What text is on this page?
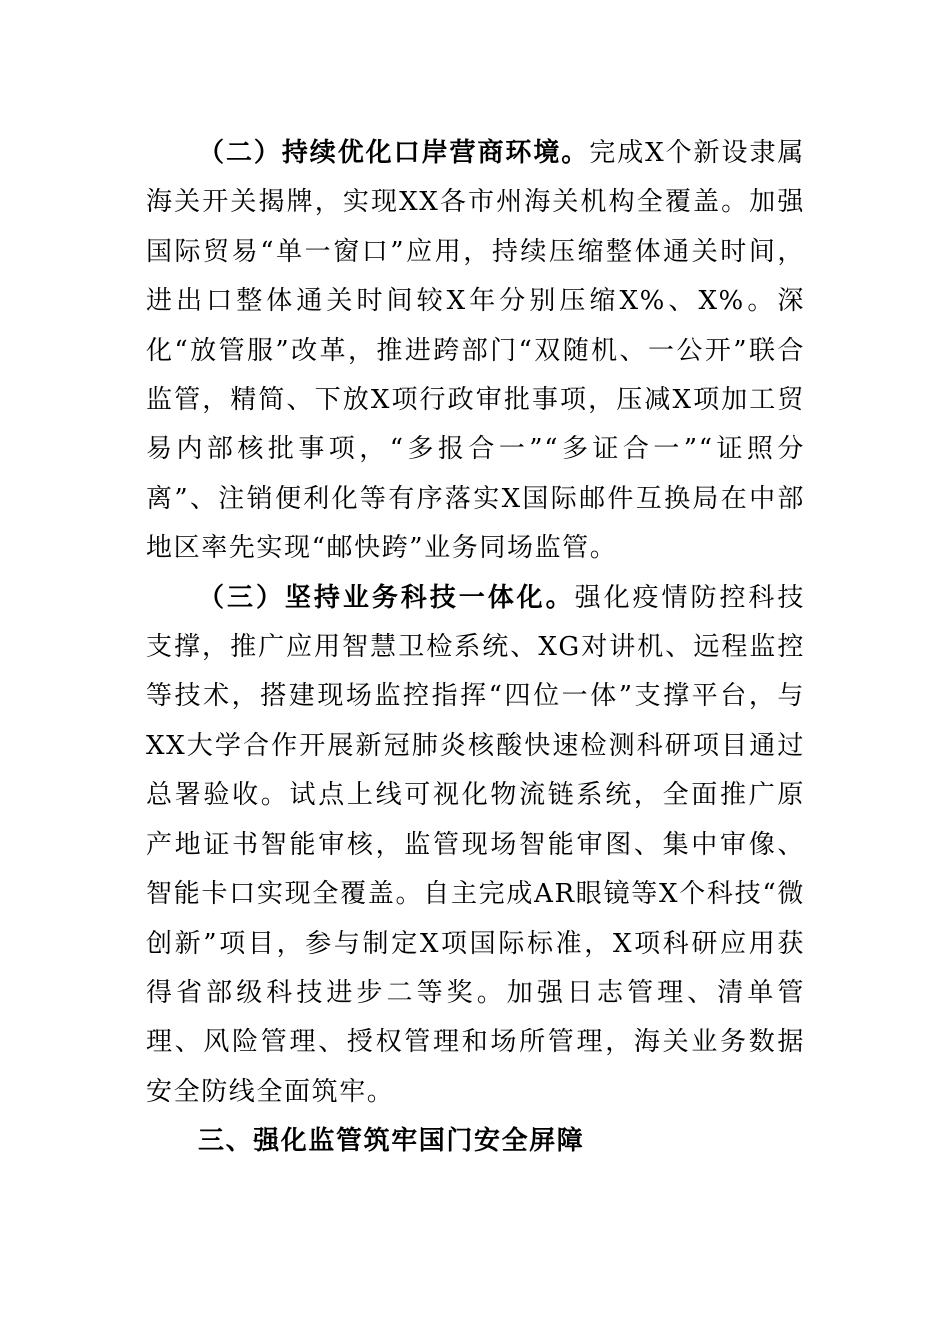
（二）持续优化口岸营商环境。完成X个新设隶属海关开关揭牌，实现XX各市州海关机构全覆盖。加强国际贸易“单一窗口”应用，持续压缩整体通关时间，进出口整体通关时间较X年分别压缩X%、X%。深化“放管服”改革，推进跨部门“双随机、一公开”联合监管，精简、下放X项行政审批事项，压减X项加工贸易内部核批事项，“多报合一”“多证合一”“证照分离”、注销便利化等有序落实X国际邮件互换局在中部地区率先实现“邮快跨”业务同场监管。

（三）坚持业务科技一体化。强化疫情防控科技支撑，推广应用智慧卫检系统、XG对讲机、远程监控等技术，搭建现场监控指挥“四位一体”支撑平台，与XX大学合作开展新冠肺炎核酸快速检测科研项目通过总署验收。试点上线可视化物流链系统，全面推广原产地证书智能审核，监管现场智能审图、集中审像、智能卡口实现全覆盖。自主完成AR眼镜等X个科技“微创新”项目，参与制定X项国际标准，X项科研应用获得省部级科技进步二等奖。加强日志管理、清单管理、风险管理、授权管理和场所管理，海关业务数据安全防线全面筑牢。

三、强化监管筑牢国门安全屏障
